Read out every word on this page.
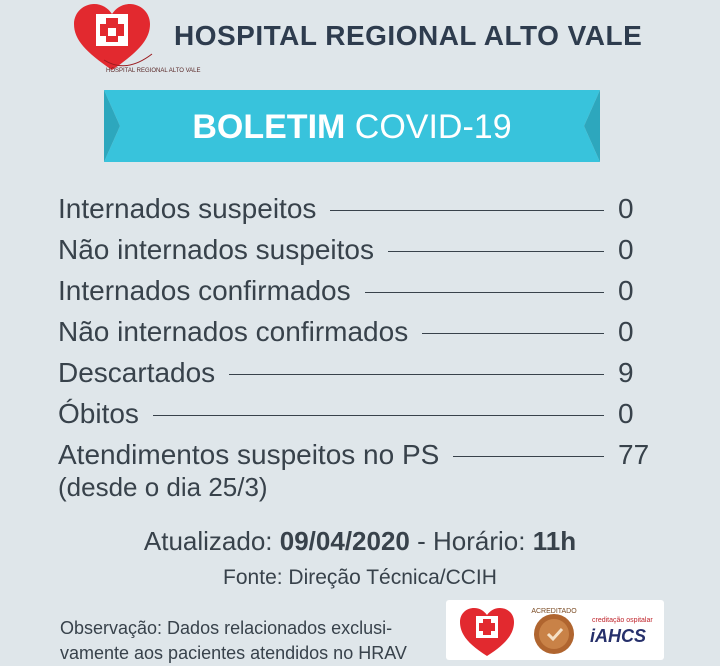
HOSPITAL REGIONAL ALTO VALE
HOSPITAL REGIONAL ALTO VALE
BOLETIM COVID-19
Internados suspeitos	0
Não internados suspeitos	0
Internados confirmados	0
Não internados confirmados	0
Descartados	9
Óbitos	0
Atendimentos suspeitos no PS	77
(desde o dia 25/3)
Atualizado: 09/04/2020 - Horário: 11h
Fonte: Direção Técnica/CCIH
Observação: Dados relacionados exclusi-vamente aos pacientes atendidos no HRAV
ACREDITADO
creditação ospitalar
iAHCS
